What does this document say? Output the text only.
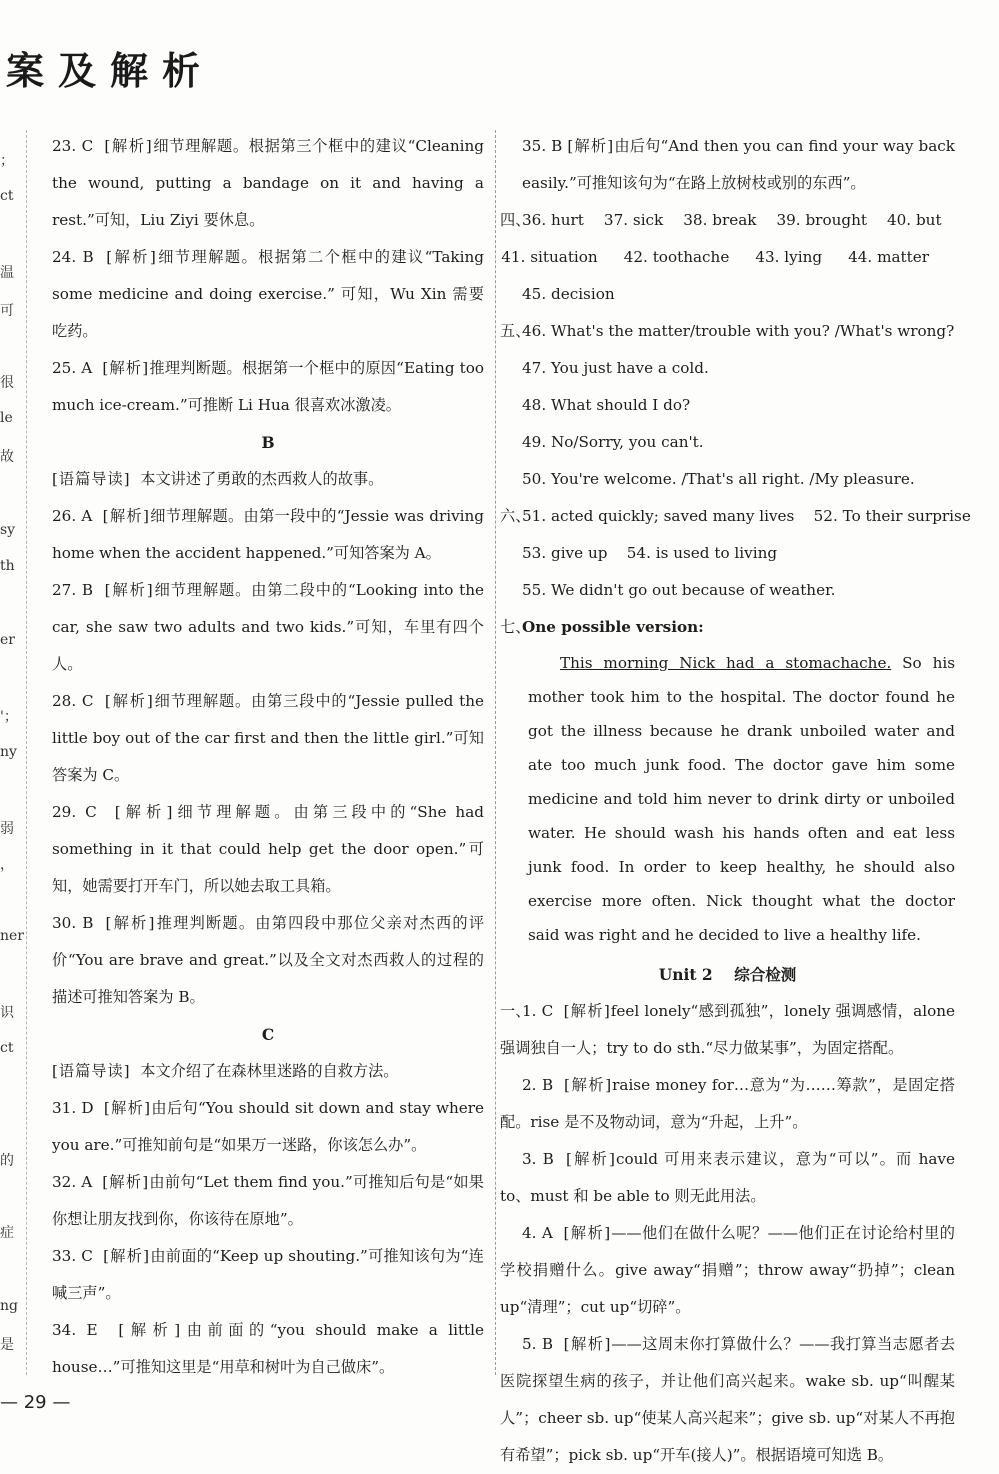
案及解析
；
ct
温
可
很
le
故
sy
th
er
'；
ny
弱
，
ner
识
ct
的
症
ng
是

23. C [解析]细节理解题。根据第三个框中的建议“Cleaning the wound, putting a bandage on it and having a rest.”可知，Liu Ziyi 要休息。

24. B [解析]细节理解题。根据第二个框中的建议“Taking some medicine and doing exercise.” 可知，Wu Xin 需要吃药。

25. A [解析]推理判断题。根据第一个框中的原因“Eating too much ice-cream.”可推断 Li Hua 很喜欢冰激凌。

B

[语篇导读] 本文讲述了勇敢的杰西救人的故事。

26. A [解析]细节理解题。由第一段中的“Jessie was driving home when the accident happened.”可知答案为 A。

27. B [解析]细节理解题。由第二段中的“Looking into the car, she saw two adults and two kids.”可知，车里有四个人。

28. C [解析]细节理解题。由第三段中的“Jessie pulled the little boy out of the car first and then the little girl.”可知答案为 C。

29. C [解析]细节理解题。由第三段中的“She had something in it that could help get the door open.”可知，她需要打开车门，所以她去取工具箱。

30. B [解析]推理判断题。由第四段中那位父亲对杰西的评价“You are brave and great.”以及全文对杰西救人的过程的描述可推知答案为 B。

C

[语篇导读] 本文介绍了在森林里迷路的自救方法。

31. D [解析]由后句“You should sit down and stay where you are.”可推知前句是“如果万一迷路，你该怎么办”。

32. A [解析]由前句“Let them find you.”可推知后句是“如果你想让朋友找到你，你该待在原地”。

33. C [解析]由前面的“Keep up shouting.”可推知该句为“连喊三声”。

34. E [解析]由前面的“you should make a little house…”可推知这里是“用草和树叶为自己做床”。

35. B [解析]由后句“And then you can find your way back easily.”可推知该句为“在路上放树枝或别的东西”。

四、
36. hurt 37. sick 38. break 39. brought 40. but
41. situation 42. toothache 43. lying 44. matter
45. decision
五、46. What's the matter/trouble with you? /What's wrong?
47. You just have a cold.
48. What should I do?
49. No/Sorry, you can't.
50. You're welcome. /That's all right. /My pleasure.
六、51. acted quickly; saved many lives    52. To their surprise
53. give up    54. is used to living
55. We didn't go out because of weather.
七、One possible version:
This morning Nick had a stomachache. So his mother took him to the hospital. The doctor found he got the illness because he drank unboiled water and ate too much junk food. The doctor gave him some medicine and told him never to drink dirty or unboiled water. He should wash his hands often and eat less junk food. In order to keep healthy, he should also exercise more often. Nick thought what the doctor said was right and he decided to live a healthy life.
Unit 2    综合检测

一、1. C [解析]feel lonely“感到孤独”，lonely 强调感情，alone 强调独自一人；try to do sth.“尽力做某事”，为固定搭配。

2. B [解析]raise money for…意为“为……筹款”，是固定搭配。rise 是不及物动词，意为“升起，上升”。

3. B [解析]could 可用来表示建议，意为“可以”。而 have to、must 和 be able to 则无此用法。

4. A [解析]——他们在做什么呢？——他们正在讨论给村里的学校捐赠什么。give away“捐赠”；throw away“扔掉”；clean up“清理”；cut up“切碎”。

5. B [解析]——这周末你打算做什么？——我打算当志愿者去医院探望生病的孩子，并让他们高兴起来。wake sb. up“叫醒某人”；cheer sb. up“使某人高兴起来”；give sb. up“对某人不再抱有希望”；pick sb. up“开车(接人)”。根据语境可知选 B。

— 29 —
